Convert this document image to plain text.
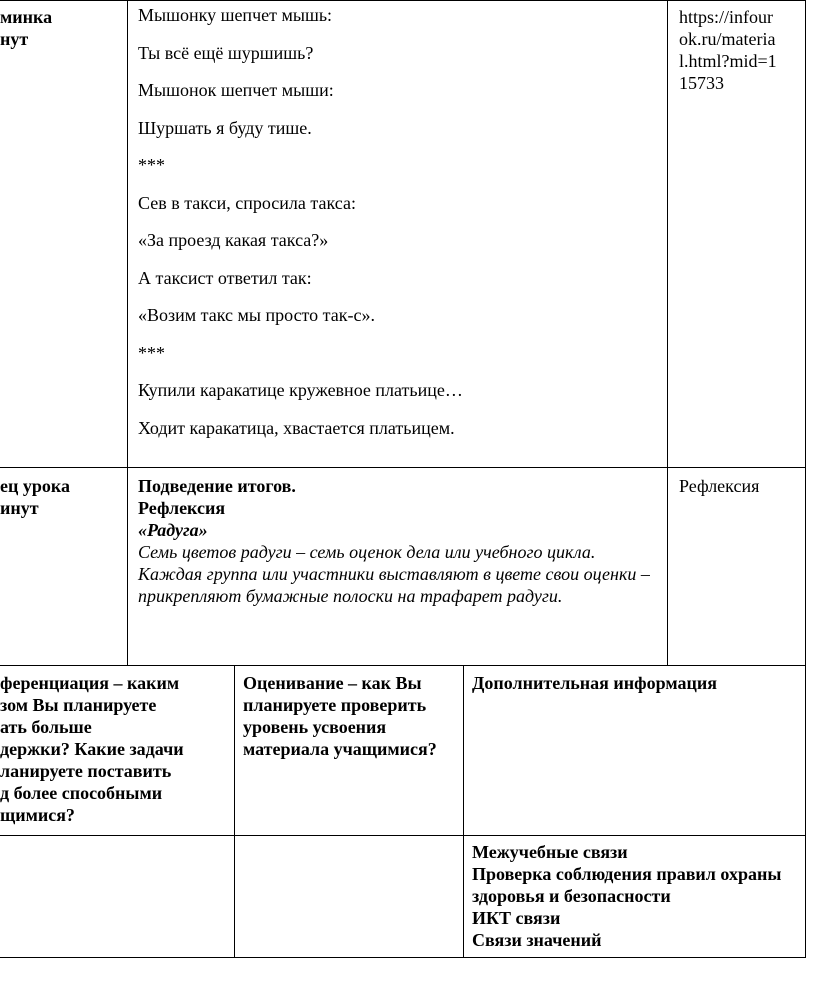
минка
нут

Мышонку шепчет мышь:

Ты всё ещё шуршишь?

Мышонок шепчет мыши:

Шуршать я буду тише.

***

Сев в такси, спросила такса:

«За проезд какая такса?»

А таксист ответил так:

«Возим такс мы просто так-с».

***

Купили каракатице кружевное платьице…

Ходит каракатица, хвастается платьицем.

https://infour
ok.ru/materia
l.html?mid=1
15733
ец урока
инут
Подведение итогов.
Рефлексия
«Радуга»
Семь цветов радуги – семь оценок дела или учебного цикла.
Каждая группа или участники выставляют в цвете свои оценки – прикрепляют бумажные полоски на трафарет радуги.
Рефлексия
ференциация – каким
зом Вы планируете
ать больше
держки? Какие задачи
ланируете поставить
д более способными
щимися?
Оценивание – как Вы планируете проверить уровень усвоения материала учащимися?
Дополнительная информация
Межучебные связи
Проверка соблюдения правил охраны здоровья и безопасности
ИКТ связи
Связи значений
